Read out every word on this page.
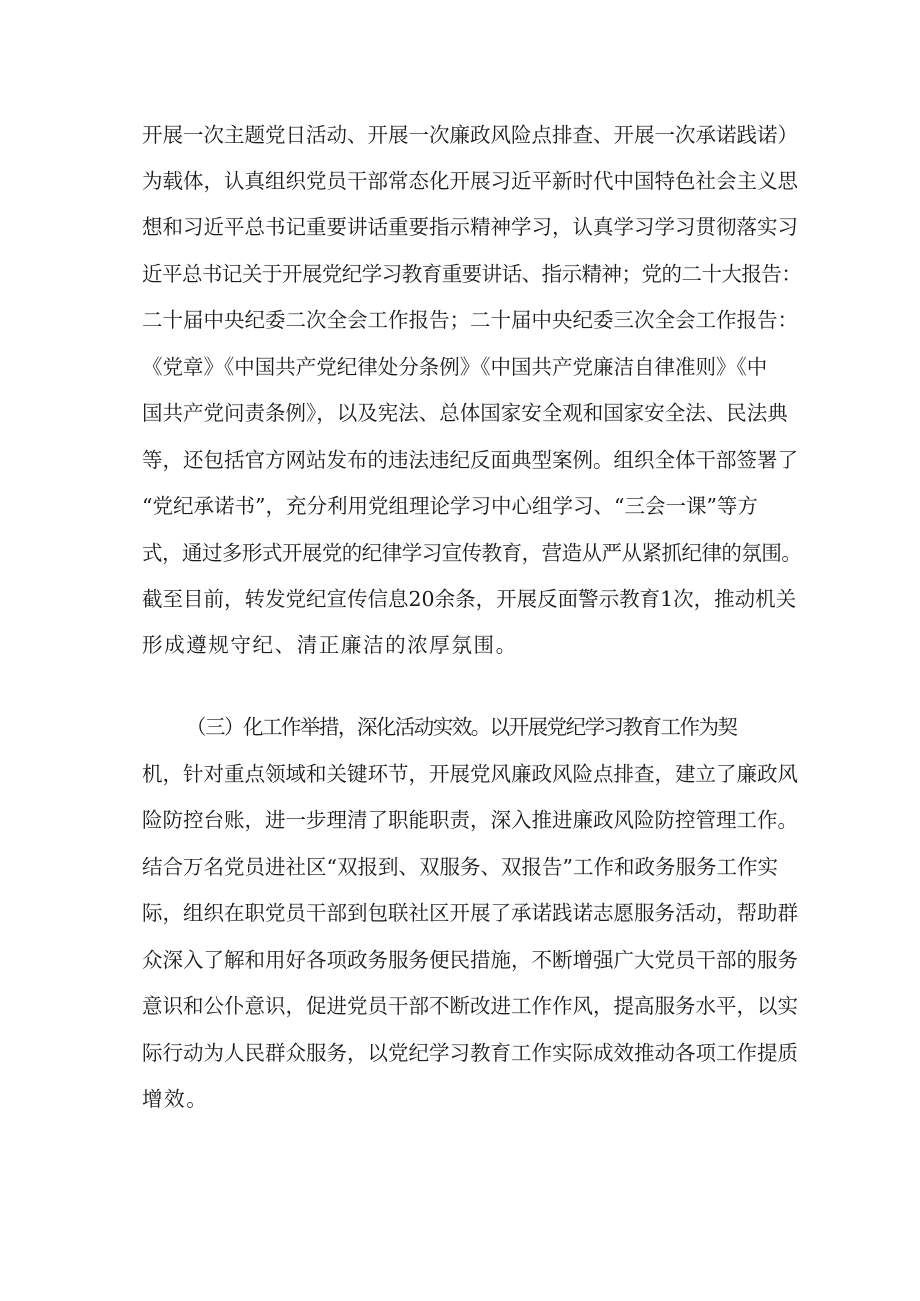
开展一次主题党日活动、开展一次廉政风险点排查、开展一次承诺践诺）
为载体，认真组织党员干部常态化开展习近平新时代中国特色社会主义思
想和习近平总书记重要讲话重要指示精神学习，认真学习学习贯彻落实习
近平总书记关于开展党纪学习教育重要讲话、指示精神；党的二十大报告：
二十届中央纪委二次全会工作报告；二十届中央纪委三次全会工作报告：
《党章》《中国共产党纪律处分条例》《中国共产党廉洁自律准则》《中
国共产党问责条例》，以及宪法、总体国家安全观和国家安全法、民法典
等，还包括官方网站发布的违法违纪反面典型案例。组织全体干部签署了
“党纪承诺书”，充分利用党组理论学习中心组学习、“三会一课”等方
式，通过多形式开展党的纪律学习宣传教育，营造从严从紧抓纪律的氛围。
截至目前，转发党纪宣传信息20余条，开展反面警示教育1次，推动机关
形成遵规守纪、清正廉洁的浓厚氛围。
（三）化工作举措，深化活动实效。以开展党纪学习教育工作为契
机，针对重点领域和关键环节，开展党风廉政风险点排查，建立了廉政风
险防控台账，进一步理清了职能职责，深入推进廉政风险防控管理工作。
结合万名党员进社区“双报到、双服务、双报告”工作和政务服务工作实
际，组织在职党员干部到包联社区开展了承诺践诺志愿服务活动，帮助群
众深入了解和用好各项政务服务便民措施，不断增强广大党员干部的服务
意识和公仆意识，促进党员干部不断改进工作作风，提高服务水平，以实
际行动为人民群众服务，以党纪学习教育工作实际成效推动各项工作提质
增效。
